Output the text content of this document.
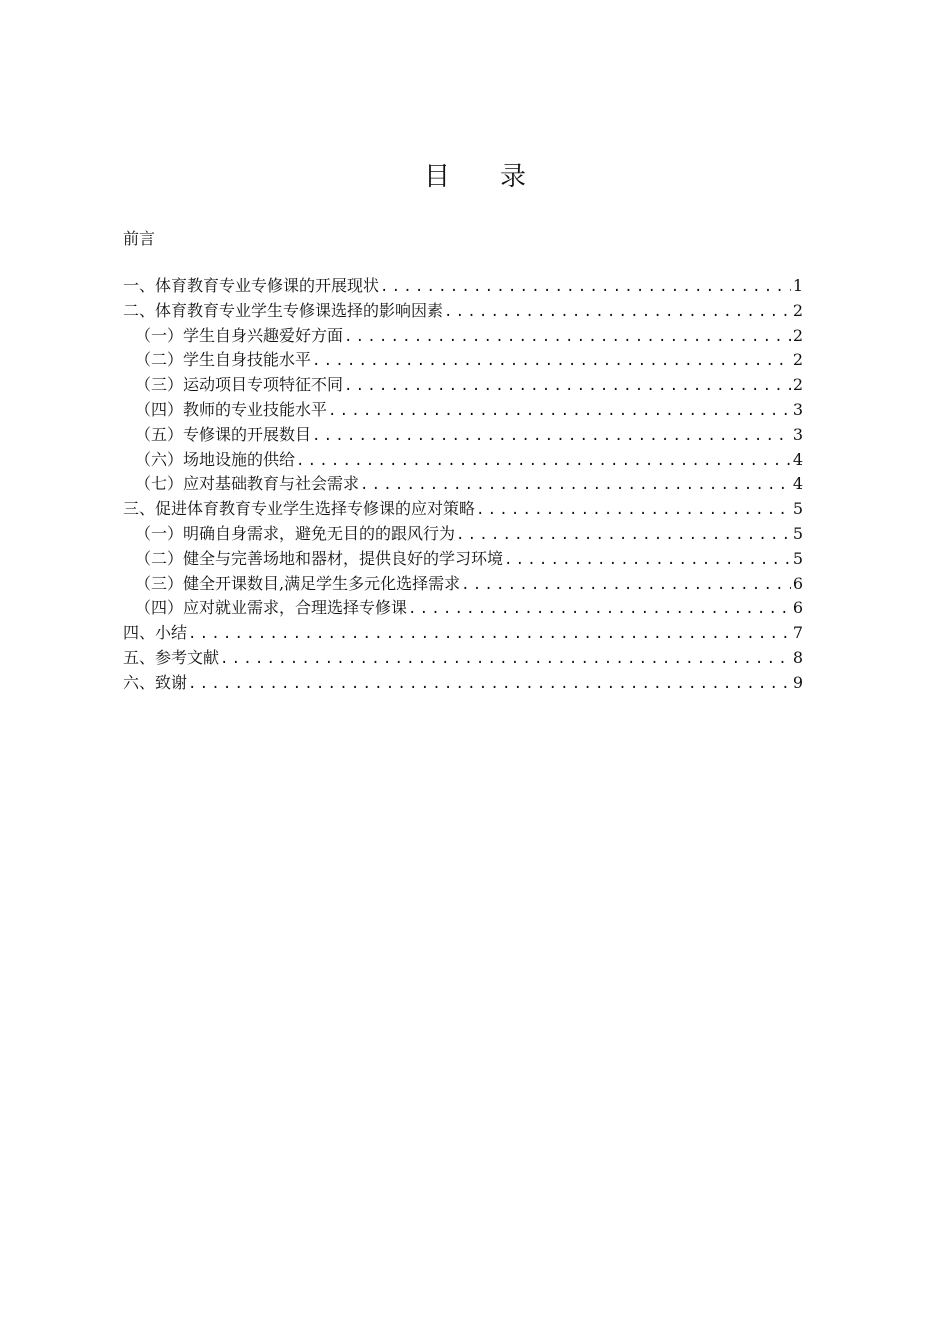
目 录
前言
一、体育教育专业专修课的开展现状 .....	1
二、体育教育专业学生专修课选择的影响因素 .....	2
（一）学生自身兴趣爱好方面 .....	2
（二）学生自身技能水平 .....	2
（三）运动项目专项特征不同 .....	2
（四）教师的专业技能水平 .....	3
（五）专修课的开展数目 .....	3
（六）场地设施的供给 .....	4
（七）应对基础教育与社会需求 .....	4
三、促进体育教育专业学生选择专修课的应对策略 .....	5
（一）明确自身需求，避免无目的的跟风行为 .....	5
（二）健全与完善场地和器材，提供良好的学习环境 .....	5
（三）健全开课数目,满足学生多元化选择需求 .....	6
（四）应对就业需求，合理选择专修课 .....	6
四、小结 .....	7
五、参考文献 .....	8
六、致谢 .....	9
